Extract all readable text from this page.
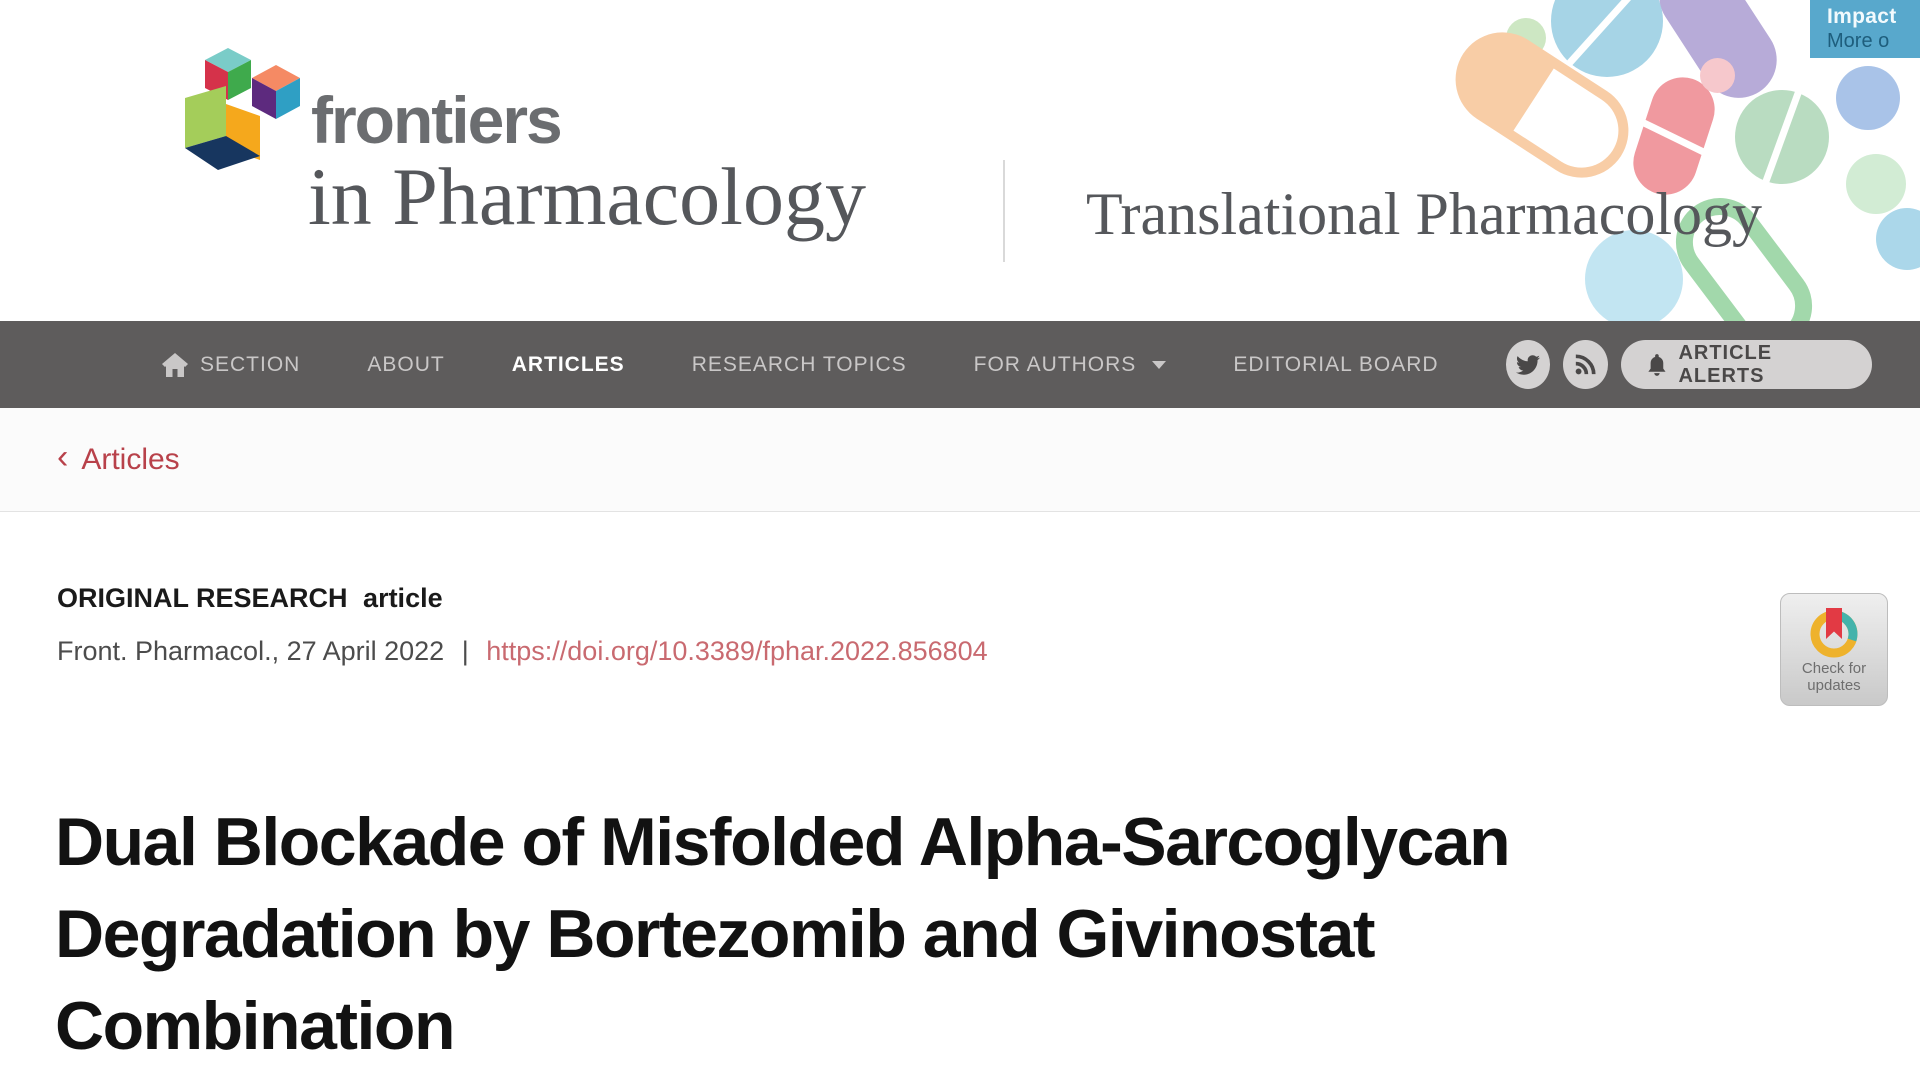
Impact
More o
frontiers
in Pharmacology	Translational Pharmacology
SECTION	ABOUT	ARTICLES	RESEARCH TOPICS	FOR AUTHORS	EDITORIAL BOARD	ARTICLE ALERTS
‹ Articles
ORIGINAL RESEARCH article
Front. Pharmacol., 27 April 2022 | https://doi.org/10.3389/fphar.2022.856804
Check for
updates
Dual Blockade of Misfolded Alpha-Sarcoglycan
Degradation by Bortezomib and Givinostat
Combination
